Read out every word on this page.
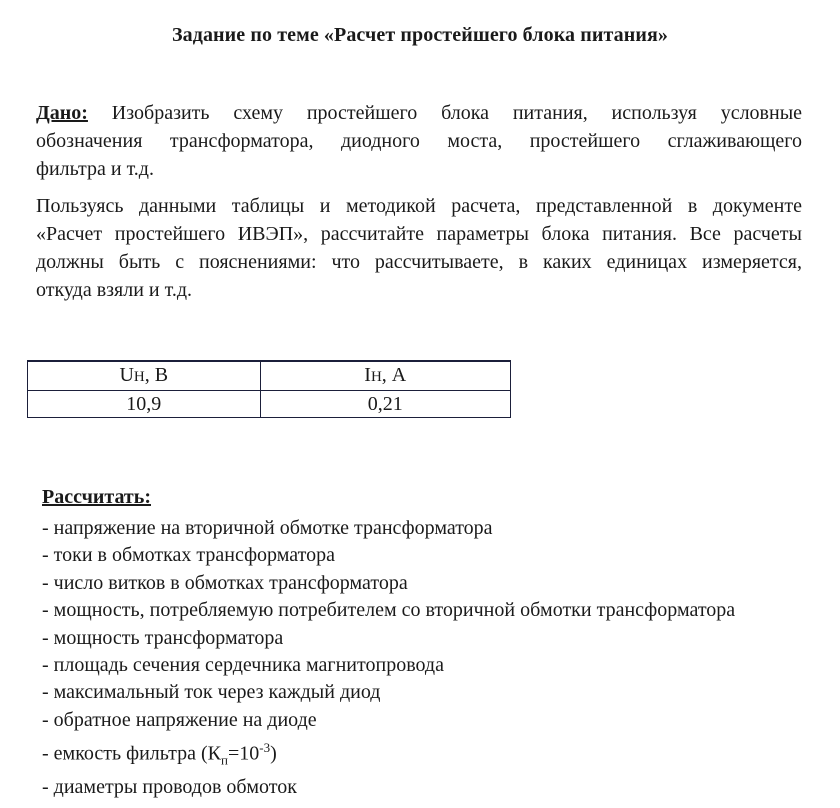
Задание по теме «Расчет простейшего блока питания»
Дано: Изобразить схему простейшего блока питания, используя условные
обозначения трансформатора, диодного моста, простейшего сглаживающего
фильтра и т.д.
Пользуясь данными таблицы и методикой расчета, представленной в документе
«Расчет простейшего ИВЭП», рассчитайте параметры блока питания. Все расчеты
должны быть с пояснениями: что рассчитываете, в каких единицах измеряется,
откуда взяли и т.д.
UН, В	IН, А
10,9	0,21
Рассчитать:
- напряжение на вторичной обмотке трансформатора
- токи в обмотках трансформатора
- число витков в обмотках трансформатора
- мощность, потребляемую потребителем со вторичной обмотки трансформатора
- мощность трансформатора
- площадь сечения сердечника магнитопровода
- максимальный ток через каждый диод
- обратное напряжение на диоде
- емкость фильтра $(К_п=10^{-3})$
- диаметры проводов обмоток
